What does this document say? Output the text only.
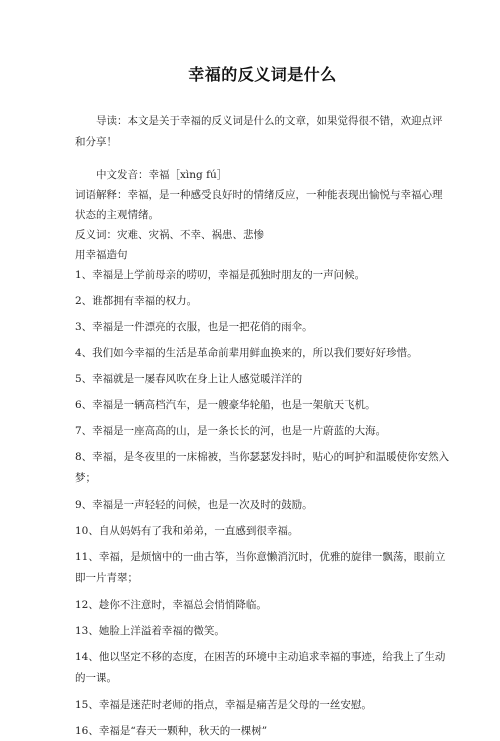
幸福的反义词是什么
导读：本文是关于幸福的反义词是什么的文章，如果觉得很不错，欢迎点评和分享！
中文发音：幸福［xìng fú］
词语解释：幸福，是一种感受良好时的情绪反应，一种能表现出愉悦与幸福心理状态的主观情绪。
反义词：灾难、灾祸、不幸、祸患、悲惨
用幸福造句
1、幸福是上学前母亲的唠叨，幸福是孤独时朋友的一声问候。
2、谁都拥有幸福的权力。
3、幸福是一件漂亮的衣服，也是一把花俏的雨伞。
4、我们如今幸福的生活是革命前辈用鲜血换来的，所以我们要好好珍惜。
5、幸福就是一屡春风吹在身上让人感觉暖洋洋的
6、幸福是一辆高档汽车，是一艘豪华轮船，也是一架航天飞机。
7、幸福是一座高高的山，是一条长长的河，也是一片蔚蓝的大海。
8、幸福，是冬夜里的一床棉被，当你瑟瑟发抖时，贴心的呵护和温暖使你安然入梦；
9、幸福是一声轻轻的问候，也是一次及时的鼓励。
10、自从妈妈有了我和弟弟，一直感到很幸福。
11、幸福，是烦恼中的一曲古筝，当你意懒消沉时，优雅的旋律一飘荡，眼前立即一片青翠；
12、趁你不注意时，幸福总会悄悄降临。
13、她脸上洋溢着幸福的微笑。
14、他以坚定不移的态度，在困苦的环境中主动追求幸福的事迹，给我上了生动的一课。
15、幸福是迷茫时老师的指点，幸福是痛苦是父母的一丝安慰。
16、幸福是“春天一颗种，秋天的一棵树”
